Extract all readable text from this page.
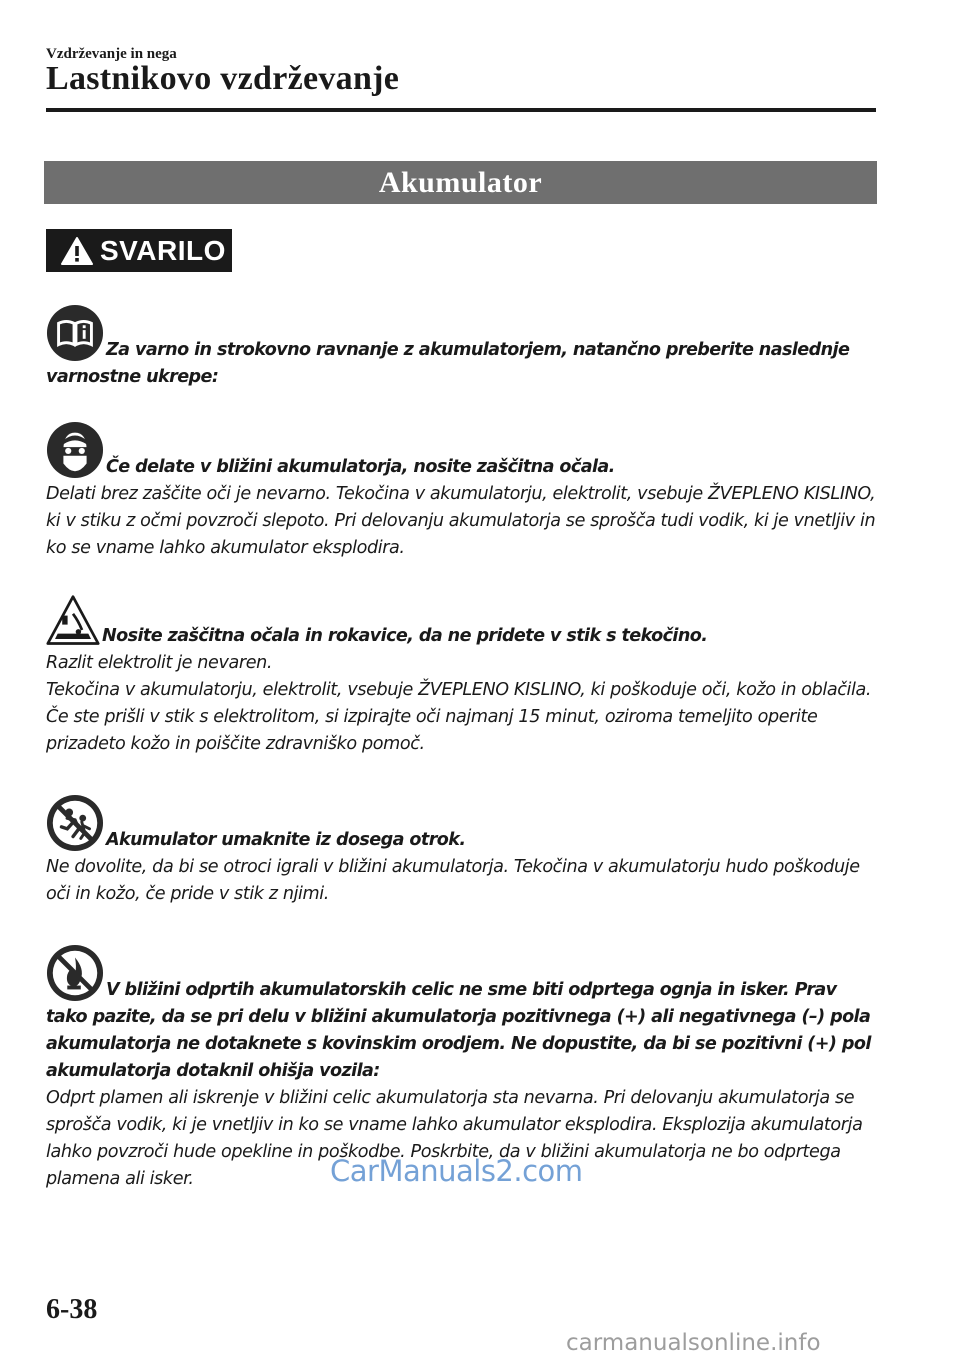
Vzdrževanje in nega
Lastnikovo vzdrževanje
Akumulator
SVARILO
Za varno in strokovno ravnanje z akumulatorjem, natančno preberite naslednje varnostne ukrepe:
Če delate v bližini akumulatorja, nosite zaščitna očala.
Delati brez zaščite oči je nevarno. Tekočina v akumulatorju, elektrolit, vsebuje ŽVEPLENO KISLINO, ki v stiku z očmi povzroči slepoto. Pri delovanju akumulatorja se sprošča tudi vodik, ki je vnetljiv in ko se vname lahko akumulator eksplodira.
Nosite zaščitna očala in rokavice, da ne pridete v stik s tekočino.
Razlit elektrolit je nevaren.
Tekočina v akumulatorju, elektrolit, vsebuje ŽVEPLENO KISLINO, ki poškoduje oči, kožo in oblačila. Če ste prišli v stik s elektrolitom, si izpirajte oči najmanj 15 minut, oziroma temeljito operite prizadeto kožo in poiščite zdravniško pomoč.
Akumulator umaknite iz dosega otrok.
Ne dovolite, da bi se otroci igrali v bližini akumulatorja. Tekočina v akumulatorju hudo poškoduje oči in kožo, če pride v stik z njimi.
V bližini odprtih akumulatorskih celic ne sme biti odprtega ognja in isker. Prav tako pazite, da se pri delu v bližini akumulatorja pozitivnega (+) ali negativnega (–) pola akumulatorja ne dotaknete s kovinskim orodjem. Ne dopustite, da bi se pozitivni (+) pol akumulatorja dotaknil ohišja vozila:
Odprt plamen ali iskrenje v bližini celic akumulatorja sta nevarna. Pri delovanju akumulatorja se sprošča vodik, ki je vnetljiv in ko se vname lahko akumulator eksplodira. Eksplozija akumulatorja lahko povzroči hude opekline in poškodbe. Poskrbite, da v bližini akumulatorja ne bo odprtega plamena ali isker.
6-38
CarManuals2.com
carmanualsonline.info
